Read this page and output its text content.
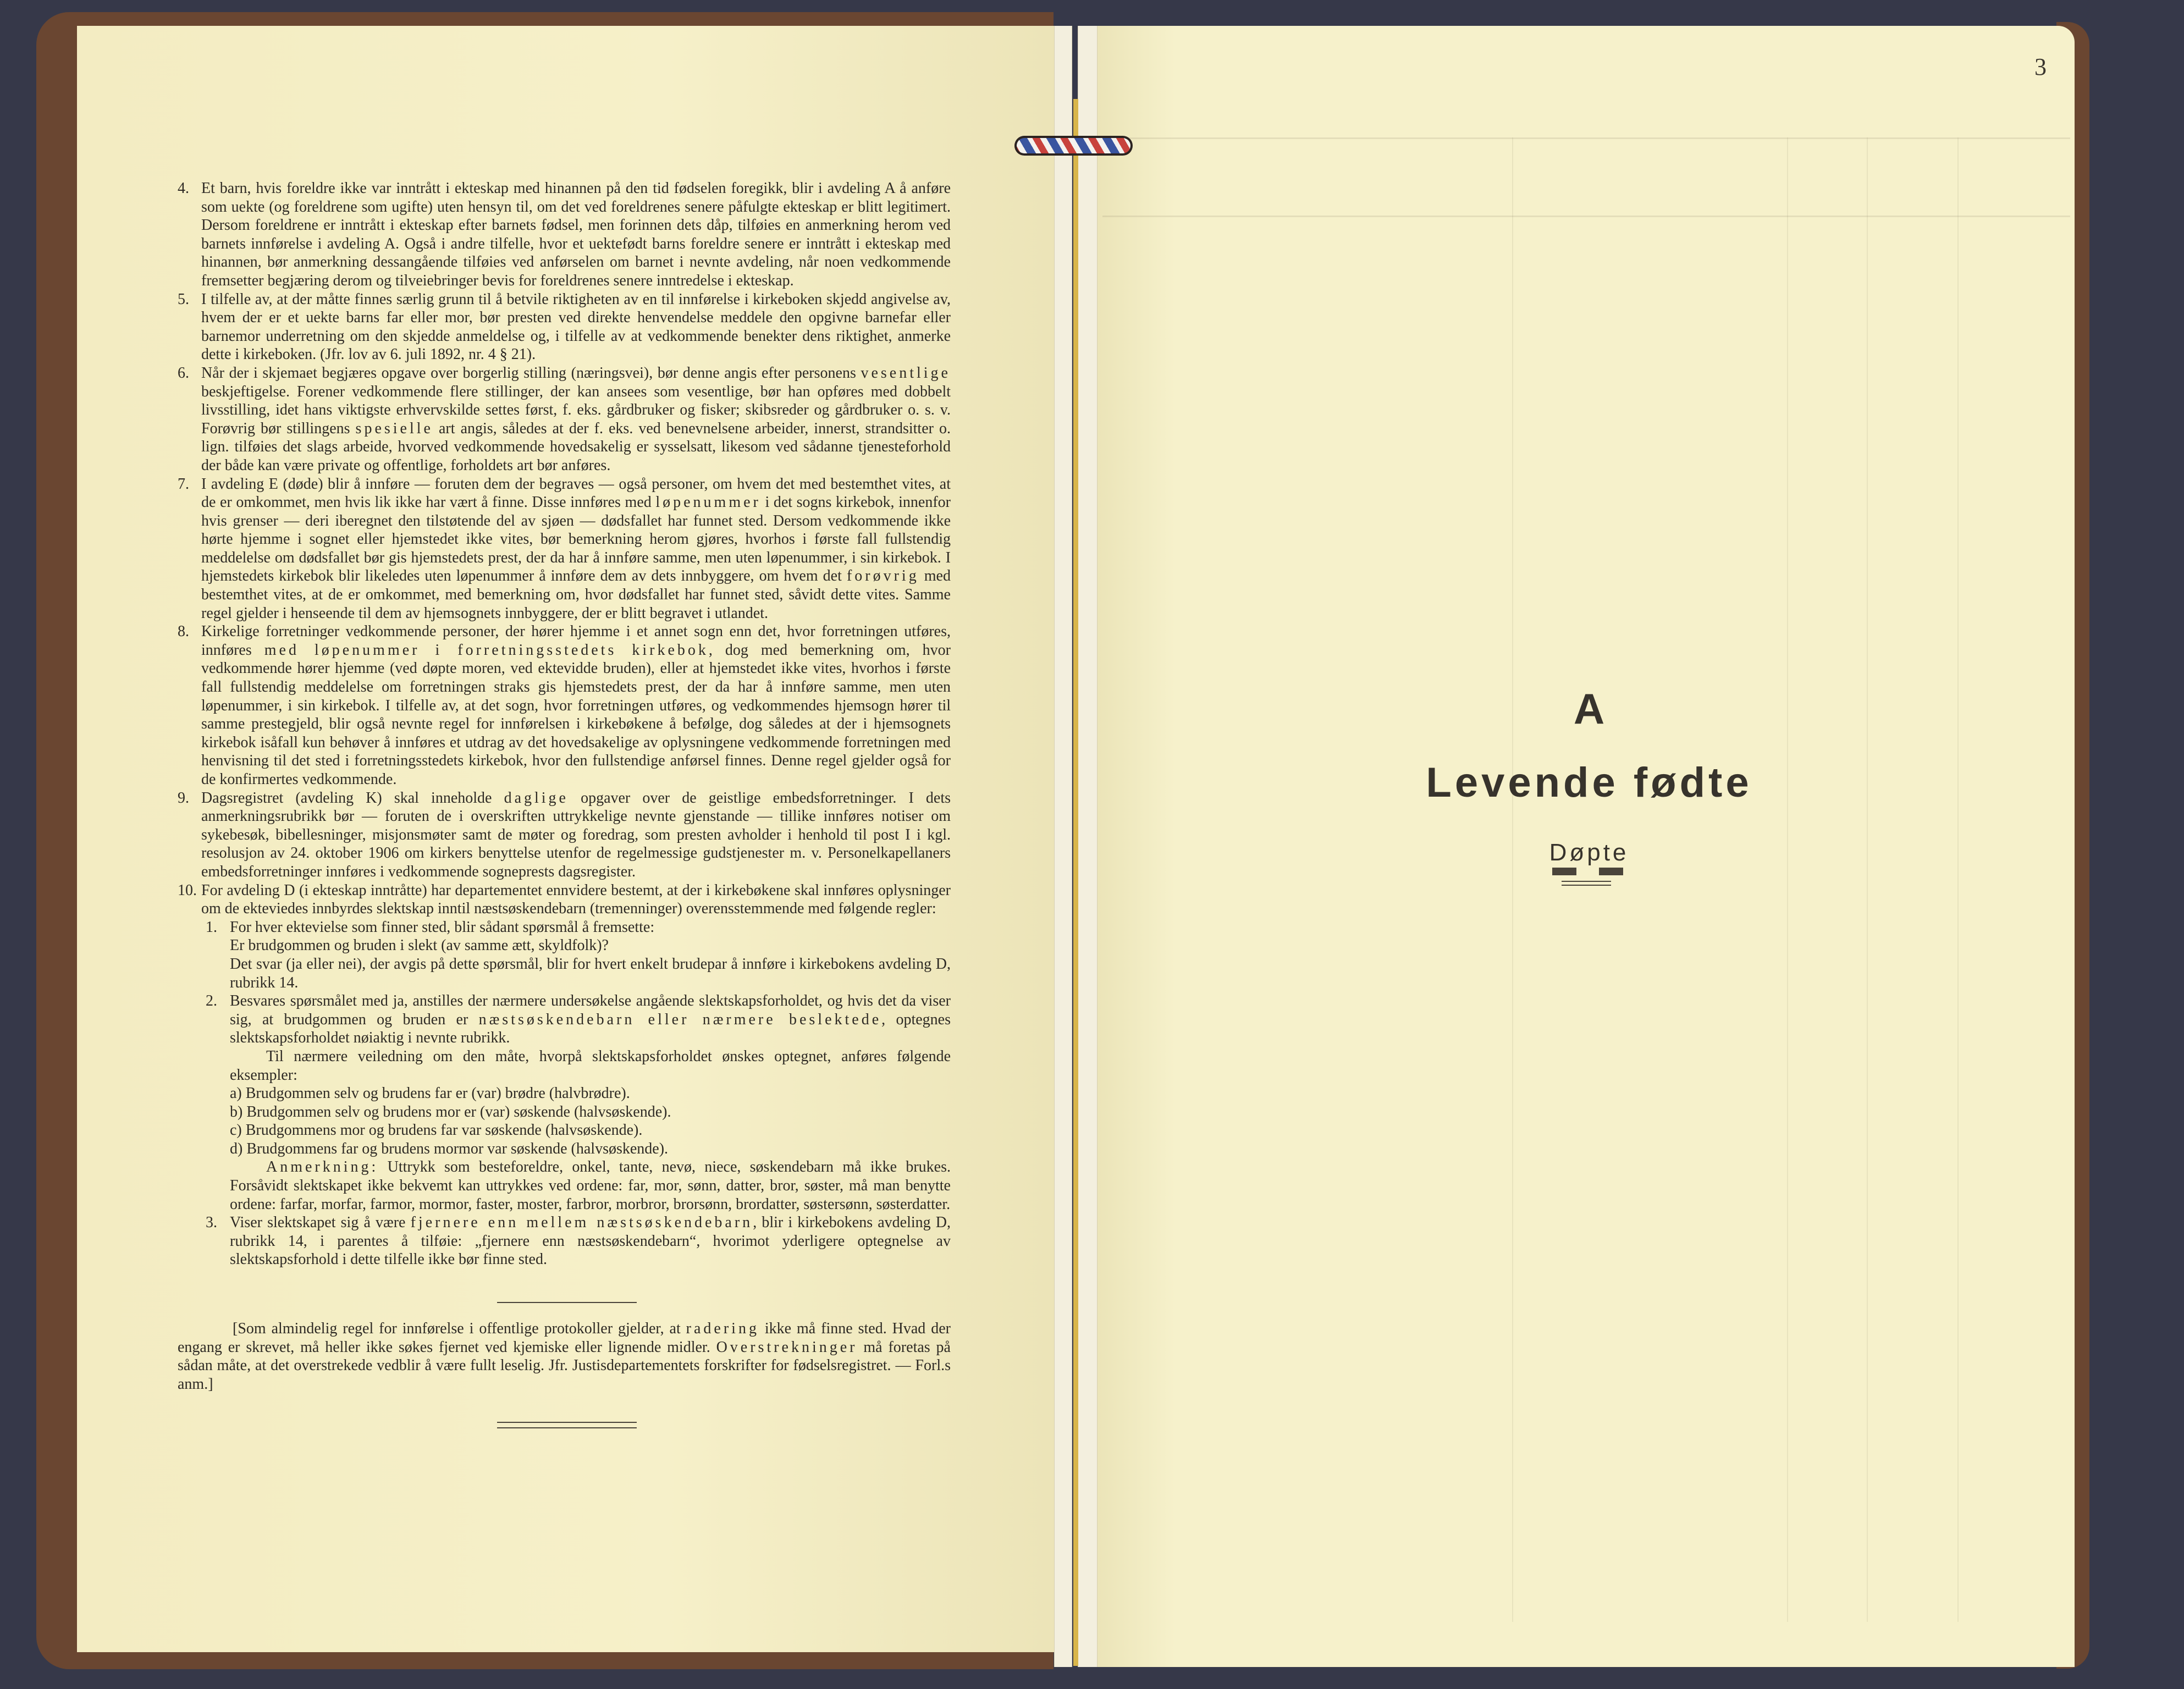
4. Et barn, hvis foreldre ikke var inntrått i ekteskap med hinannen på den tid fødselen foregikk, blir i avdeling A å anføre som uekte (og foreldrene som ugifte) uten hensyn til, om det ved foreldrenes senere påfulgte ekteskap er blitt legitimert. Dersom foreldrene er inntrått i ekteskap efter barnets fødsel, men forinnen dets dåp, tilføies en anmerkning herom ved barnets innførelse i avdeling A. Også i andre tilfelle, hvor et uektefødt barns foreldre senere er inntrått i ekteskap med hinannen, bør anmerkning dessangående tilføies ved anførselen om barnet i nevnte avdeling, når noen vedkommende fremsetter begjæring derom og tilveiebringer bevis for foreldrenes senere inntredelse i ekteskap.
5. I tilfelle av, at der måtte finnes særlig grunn til å betvile riktigheten av en til innførelse i kirkeboken skjedd angivelse av, hvem der er et uekte barns far eller mor, bør presten ved direkte henvendelse meddele den opgivne barnefar eller barnemor underretning om den skjedde anmeldelse og, i tilfelle av at vedkommende benekter dens riktighet, anmerke dette i kirkeboken. (Jfr. lov av 6. juli 1892, nr. 4 § 21).
6. Når der i skjemaet begjæres opgave over borgerlig stilling (næringsvei), bør denne angis efter personens vesentlige beskjeftigelse. Forener vedkommende flere stillinger, der kan ansees som vesentlige, bør han opføres med dobbelt livsstilling, idet hans viktigste erhvervskilde settes først, f. eks. gårdbruker og fisker; skibsreder og gårdbruker o. s. v. Forøvrig bør stillingens spesielle art angis, således at der f. eks. ved benevnelsene arbeider, innerst, strandsitter o. lign. tilføies det slags arbeide, hvorved vedkommende hovedsakelig er sysselsatt, likesom ved sådanne tjenesteforhold der både kan være private og offentlige, forholdets art bør anføres.
7. I avdeling E (døde) blir å innføre — foruten dem der begraves — også personer, om hvem det med bestemthet vites, at de er omkommet, men hvis lik ikke har vært å finne. Disse innføres med løpenummer i det sogns kirkebok, innenfor hvis grenser — deri iberegnet den tilstøtende del av sjøen — dødsfallet har funnet sted. Dersom vedkommende ikke hørte hjemme i sognet eller hjemstedet ikke vites, bør bemerkning herom gjøres, hvorhos i første fall fullstendig meddelelse om dødsfallet bør gis hjemstedets prest, der da har å innføre samme, men uten løpenummer, i sin kirkebok. I hjemstedets kirkebok blir likeledes uten løpenummer å innføre dem av dets innbyggere, om hvem det forøvrig med bestemthet vites, at de er omkommet, med bemerkning om, hvor dødsfallet har funnet sted, såvidt dette vites. Samme regel gjelder i henseende til dem av hjemsognets innbyggere, der er blitt begravet i utlandet.
8. Kirkelige forretninger vedkommende personer, der hører hjemme i et annet sogn enn det, hvor forretningen utføres, innføres med løpenummer i forretningsstedets kirkebok, dog med bemerkning om, hvor vedkommende hører hjemme (ved døpte moren, ved ektevidde bruden), eller at hjemstedet ikke vites, hvorhos i første fall fullstendig meddelelse om forretningen straks gis hjemstedets prest, der da har å innføre samme, men uten løpenummer, i sin kirkebok. I tilfelle av, at det sogn, hvor forretningen utføres, og vedkommendes hjemsogn hører til samme prestegjeld, blir også nevnte regel for innførelsen i kirkebøkene å befølge, dog således at der i hjemsognets kirkebok isåfall kun behøver å innføres et utdrag av det hovedsakelige av oplysningene vedkommende forretningen med henvisning til det sted i forretningsstedets kirkebok, hvor den fullstendige anførsel finnes. Denne regel gjelder også for de konfirmertes vedkommende.
9. Dagsregistret (avdeling K) skal inneholde daglige opgaver over de geistlige embedsforretninger. I dets anmerkningsrubrikk bør — foruten de i overskriften uttrykkelige nevnte gjenstande — tillike innføres notiser om sykebesøk, bibellesninger, misjonsmøter samt de møter og foredrag, som presten avholder i henhold til post I i kgl. resolusjon av 24. oktober 1906 om kirkers benyttelse utenfor de regelmessige gudstjenester m. v. Personelkapellaners embedsforretninger innføres i vedkommende sogneprests dagsregister.
10. For avdeling D (i ekteskap inntråtte) har departementet ennvidere bestemt, at der i kirkebøkene skal innføres oplysninger om de ekteviedes innbyrdes slektskap inntil næstsøskendebarn (tremenninger) overensstemmende med følgende regler:
1. For hver ektevielse som finner sted, blir sådant spørsmål å fremsette:
Er brudgommen og bruden i slekt (av samme ætt, skyldfolk)?
Det svar (ja eller nei), der avgis på dette spørsmål, blir for hvert enkelt brudepar å innføre i kirkebokens avdeling D, rubrikk 14.
2. Besvares spørsmålet med ja, anstilles der nærmere undersøkelse angående slektskapsforholdet, og hvis det da viser sig, at brudgommen og bruden er næstsøskendebarn eller nærmere beslektede, optegnes slektskapsforholdet nøiaktig i nevnte rubrikk.
Til nærmere veiledning om den måte, hvorpå slektskapsforholdet ønskes optegnet, anføres følgende eksempler:
a) Brudgommen selv og brudens far er (var) brødre (halvbrødre).
b) Brudgommen selv og brudens mor er (var) søskende (halvsøskende).
c) Brudgommens mor og brudens far var søskende (halvsøskende).
d) Brudgommens far og brudens mormor var søskende (halvsøskende).
Anmerkning: Uttrykk som besteforeldre, onkel, tante, nevø, niece, søskendebarn må ikke brukes. Forsåvidt slektskapet ikke bekvemt kan uttrykkes ved ordene: far, mor, sønn, datter, bror, søster, må man benytte ordene: farfar, morfar, farmor, mormor, faster, moster, farbror, morbror, brorsønn, brordatter, søstersønn, søsterdatter.
3. Viser slektskapet sig å være fjernere enn mellem næstsøskendebarn, blir i kirkebokens avdeling D, rubrikk 14, i parentes å tilføie: „fjernere enn næstsøskendebarn“, hvorimot yderligere optegnelse av slektskapsforhold i dette tilfelle ikke bør finne sted.
[Som almindelig regel for innførelse i offentlige protokoller gjelder, at radering ikke må finne sted. Hvad der engang er skrevet, må heller ikke søkes fjernet ved kjemiske eller lignende midler. Overstrekninger må foretas på sådan måte, at det overstrekede vedblir å være fullt leselig. Jfr. Justisdepartementets forskrifter for fødselsregistret. — Forl.s anm.]
3
A
Levende fødte
Døpte
